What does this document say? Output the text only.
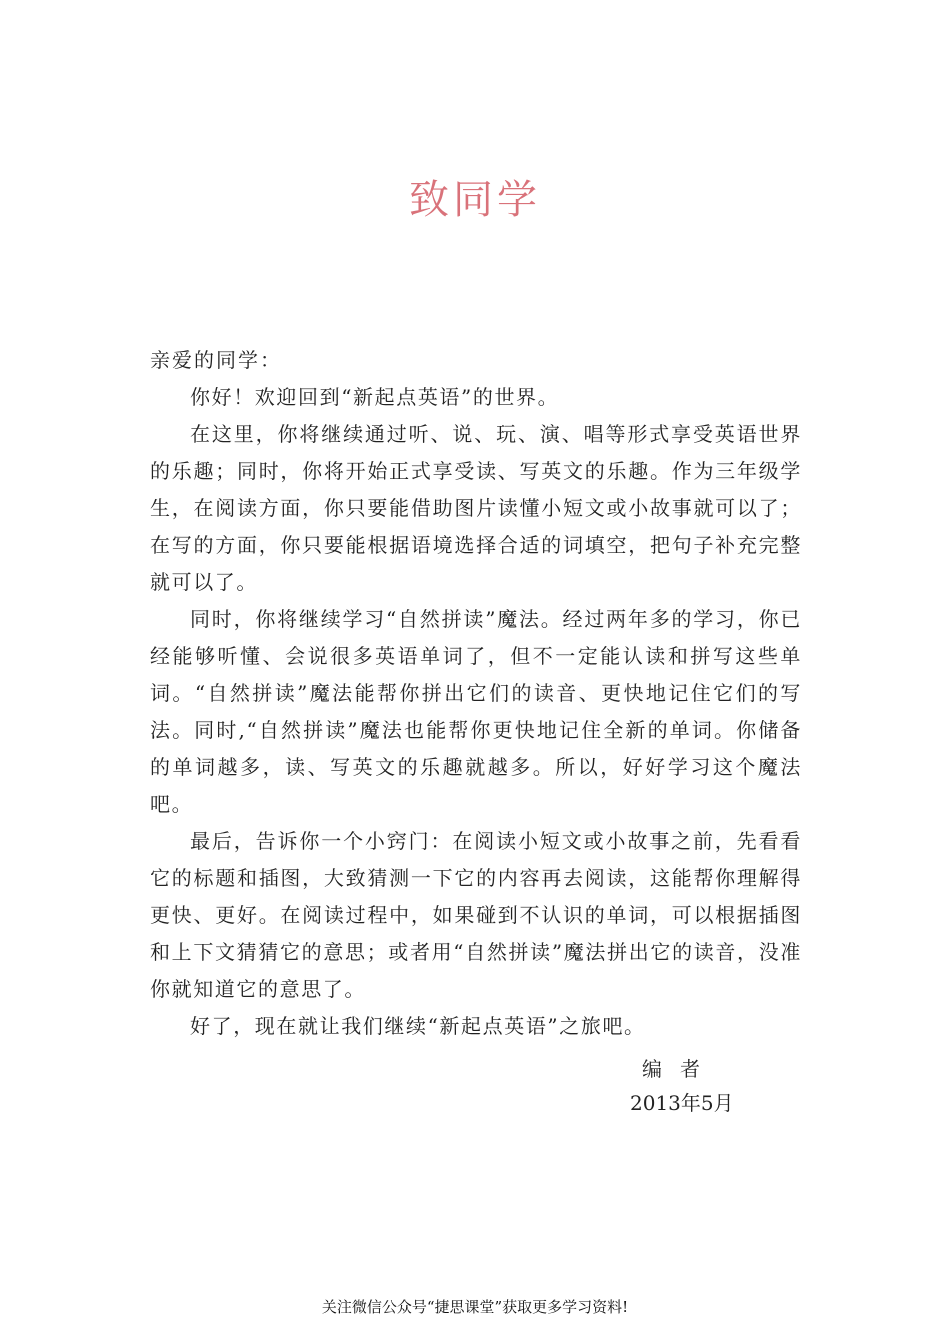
致同学

亲爱的同学：

你好！欢迎回到“新起点英语”的世界。

在这里，你将继续通过听、说、玩、演、唱等形式享受英语世界的乐趣；同时，你将开始正式享受读、写英文的乐趣。作为三年级学生，在阅读方面，你只要能借助图片读懂小短文或小故事就可以了；在写的方面，你只要能根据语境选择合适的词填空，把句子补充完整就可以了。

同时，你将继续学习“自然拼读”魔法。经过两年多的学习，你已经能够听懂、会说很多英语单词了，但不一定能认读和拼写这些单词。“自然拼读”魔法能帮你拼出它们的读音、更快地记住它们的写法。同时,“自然拼读”魔法也能帮你更快地记住全新的单词。你储备的单词越多，读、写英文的乐趣就越多。所以，好好学习这个魔法吧。

最后，告诉你一个小窍门：在阅读小短文或小故事之前，先看看它的标题和插图，大致猜测一下它的内容再去阅读，这能帮你理解得更快、更好。在阅读过程中，如果碰到不认识的单词，可以根据插图和上下文猜猜它的意思；或者用“自然拼读”魔法拼出它的读音，没准你就知道它的意思了。

好了，现在就让我们继续“新起点英语”之旅吧。

编者
2013年5月
关注微信公众号“捷思课堂”获取更多学习资料!
